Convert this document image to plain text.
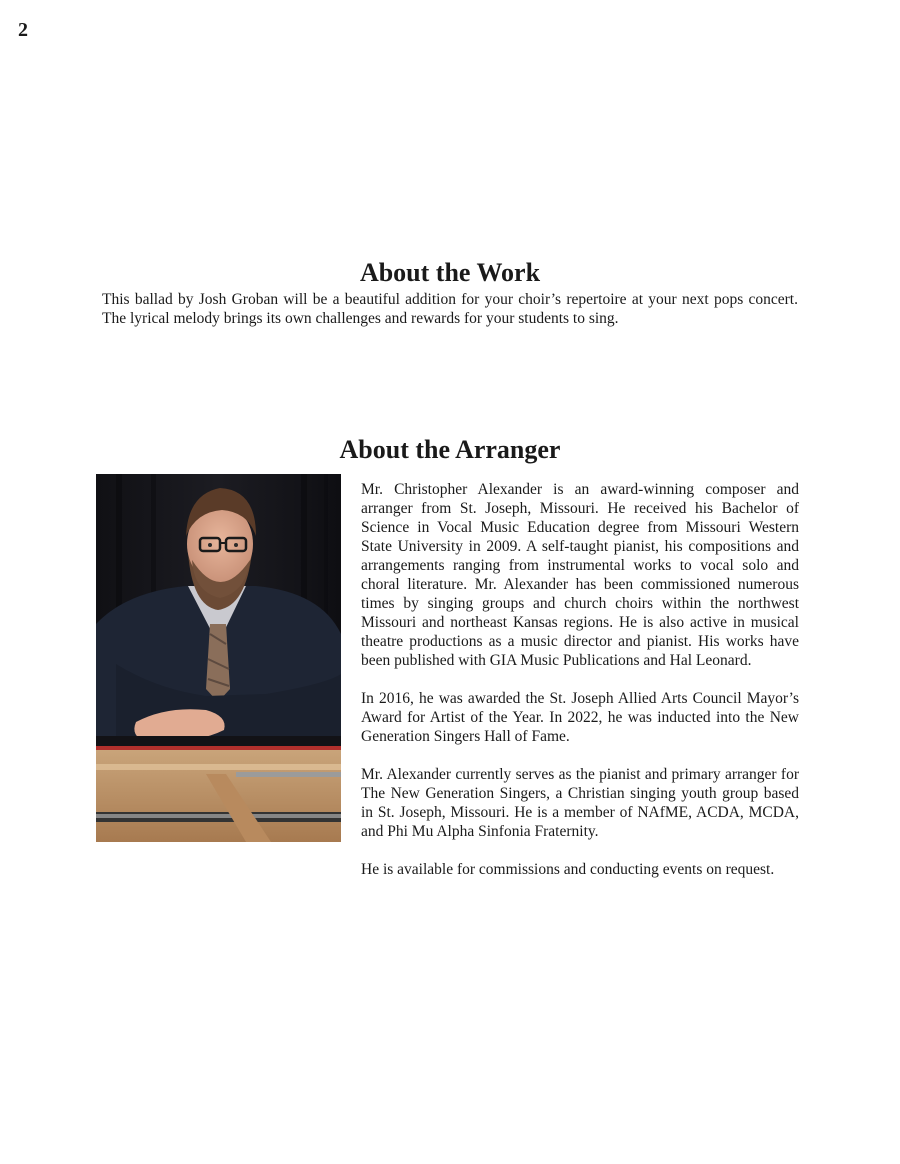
2
About the Work

This ballad by Josh Groban will be a beautiful addition for your choir’s repertoire at your next pops concert. The lyrical melody brings its own challenges and rewards for your students to sing.

About the Arranger

Mr. Christopher Alexander is an award-winning composer and arranger from St. Joseph, Missouri. He received his Bachelor of Science in Vocal Music Education degree from Missouri Western State University in 2009. A self-taught pianist, his compositions and arrangements ranging from instrumental works to vocal solo and choral literature. Mr. Alexander has been commissioned numerous times by singing groups and church choirs within the northwest Missouri and northeast Kansas regions. He is also active in musical theatre productions as a music director and pianist. His works have been published with GIA Music Publications and Hal Leonard.

In 2016, he was awarded the St. Joseph Allied Arts Council Mayor’s Award for Artist of the Year. In 2022, he was inducted into the New Generation Singers Hall of Fame.

Mr. Alexander currently serves as the pianist and primary arranger for The New Generation Singers, a Christian singing youth group based in St. Joseph, Missouri. He is a member of NAfME, ACDA, MCDA, and Phi Mu Alpha Sinfonia Fraternity.

He is available for commissions and conducting events on request.
